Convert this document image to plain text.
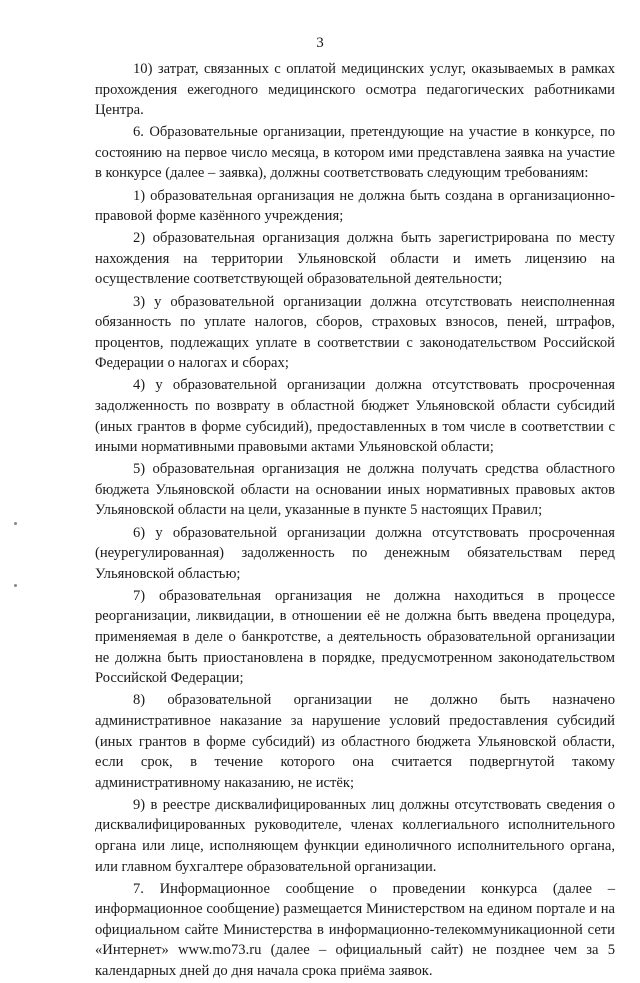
3

10) затрат, связанных с оплатой медицинских услуг, оказываемых в рамках прохождения ежегодного медицинского осмотра педагогических работниками Центра.

6. Образовательные организации, претендующие на участие в конкурсе, по состоянию на первое число месяца, в котором ими представлена заявка на участие в конкурсе (далее – заявка), должны соответствовать следующим требованиям:

1) образовательная организация не должна быть создана в организационно-правовой форме казённого учреждения;

2) образовательная организация должна быть зарегистрирована по месту нахождения на территории Ульяновской области и иметь лицензию на осуществление соответствующей образовательной деятельности;

3) у образовательной организации должна отсутствовать неисполненная обязанность по уплате налогов, сборов, страховых взносов, пеней, штрафов, процентов, подлежащих уплате в соответствии с законодательством Российской Федерации о налогах и сборах;

4) у образовательной организации должна отсутствовать просроченная задолженность по возврату в областной бюджет Ульяновской области субсидий (иных грантов в форме субсидий), предоставленных в том числе в соответствии с иными нормативными правовыми актами Ульяновской области;

5) образовательная организация не должна получать средства областного бюджета Ульяновской области на основании иных нормативных правовых актов Ульяновской области на цели, указанные в пункте 5 настоящих Правил;

6) у образовательной организации должна отсутствовать просроченная (неурегулированная) задолженность по денежным обязательствам перед Ульяновской областью;

7) образовательная организация не должна находиться в процессе реорганизации, ликвидации, в отношении её не должна быть введена процедура, применяемая в деле о банкротстве, а деятельность образовательной организации не должна быть приостановлена в порядке, предусмотренном законодательством Российской Федерации;

8) образовательной организации не должно быть назначено административное наказание за нарушение условий предоставления субсидий (иных грантов в форме субсидий) из областного бюджета Ульяновской области, если срок, в течение которого она считается подвергнутой такому административному наказанию, не истёк;

9) в реестре дисквалифицированных лиц должны отсутствовать сведения о дисквалифицированных руководителе, членах коллегиального исполнительного органа или лице, исполняющем функции единоличного исполнительного органа, или главном бухгалтере образовательной организации.

7. Информационное сообщение о проведении конкурса (далее – информационное сообщение) размещается Министерством на едином портале и на официальном сайте Министерства в информационно-телекоммуникационной сети «Интернет» www.mo73.ru (далее – официальный сайт) не позднее чем за 5 календарных дней до дня начала срока приёма заявок.
